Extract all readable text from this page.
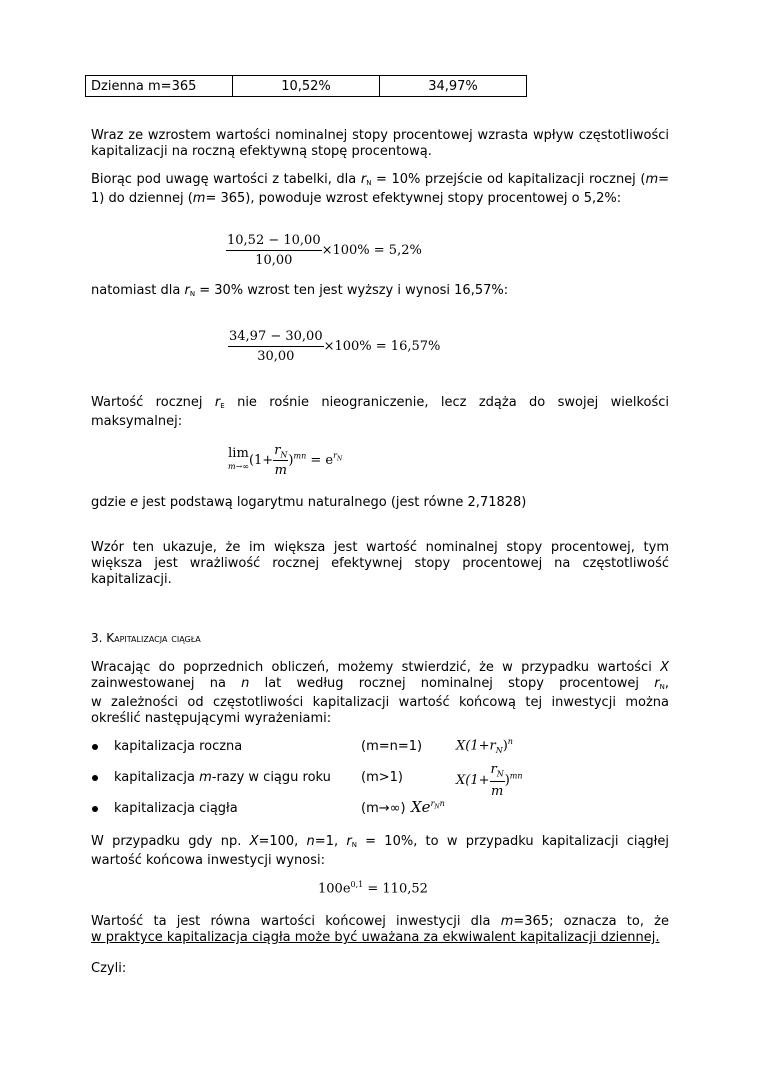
Dzienna m=365	10,52%	34,97%
Wraz ze wzrostem wartości nominalnej stopy procentowej wzrasta wpływ częstotliwości kapitalizacji na roczną efektywną stopę procentową.
Biorąc pod uwagę wartości z tabelki, dla $r_N = 10\%$ przejście od kapitalizacji rocznej (m= 1) do dziennej (m= 365), powoduje wzrost efektywnej stopy procentowej o 5,2%:
$\frac{10,52 - 10,00}{10,00} \times 100\% = 5,2\%$
natomiast dla $r_N = 30\%$ wzrost ten jest wyższy i wynosi 16,57%:
$\frac{34,97 - 30,00}{30,00} \times 100\% = 16,57\%$
Wartość rocznej $r_E$ nie rośnie nieograniczenie, lecz zdąża do swojej wielkości maksymalnej:
lim
$m\to\infty(1+ \frac{r_N}{m} )^{mn} = e^{r_N}$
gdzie e jest podstawą logarytmu naturalnego (jest równe 2,71828)
Wzór ten ukazuje, że im większa jest wartość nominalnej stopy procentowej, tym większa jest wrażliwość rocznej efektywnej stopy procentowej na częstotliwość kapitalizacji.
3. Kapitalizacja ciągła
Wracając do poprzednich obliczeń, możemy stwierdzić, że w przypadku wartości X
zainwestowanej na n lat według rocznej nominalnej stopy procentowej $r_N$,
w zależności od częstotliwości kapitalizacji wartość końcową tej inwestycji można określić następującymi wyrażeniami:
kapitalizacja roczna	(m=n=1)	$X(1+r_N)^n$
kapitalizacja m-razy w ciągu roku (m>1)	$X(1+ \frac{r_N}{m} )^{mn}$
kapitalizacja ciągła	(m→∞) $Xe^{r_Nn}$
W przypadku gdy np. X=100, n=1, $r_N = 10\%$, to w przypadku kapitalizacji ciągłej wartość końcowa inwestycji wynosi:
$100e^{0,1} = 110,52$
Wartość ta jest równa wartości końcowej inwestycji dla m=365; oznacza to, że
w praktyce kapitalizacja ciągła może być uważana za ekwiwalent kapitalizacji dziennej.
Czyli:
